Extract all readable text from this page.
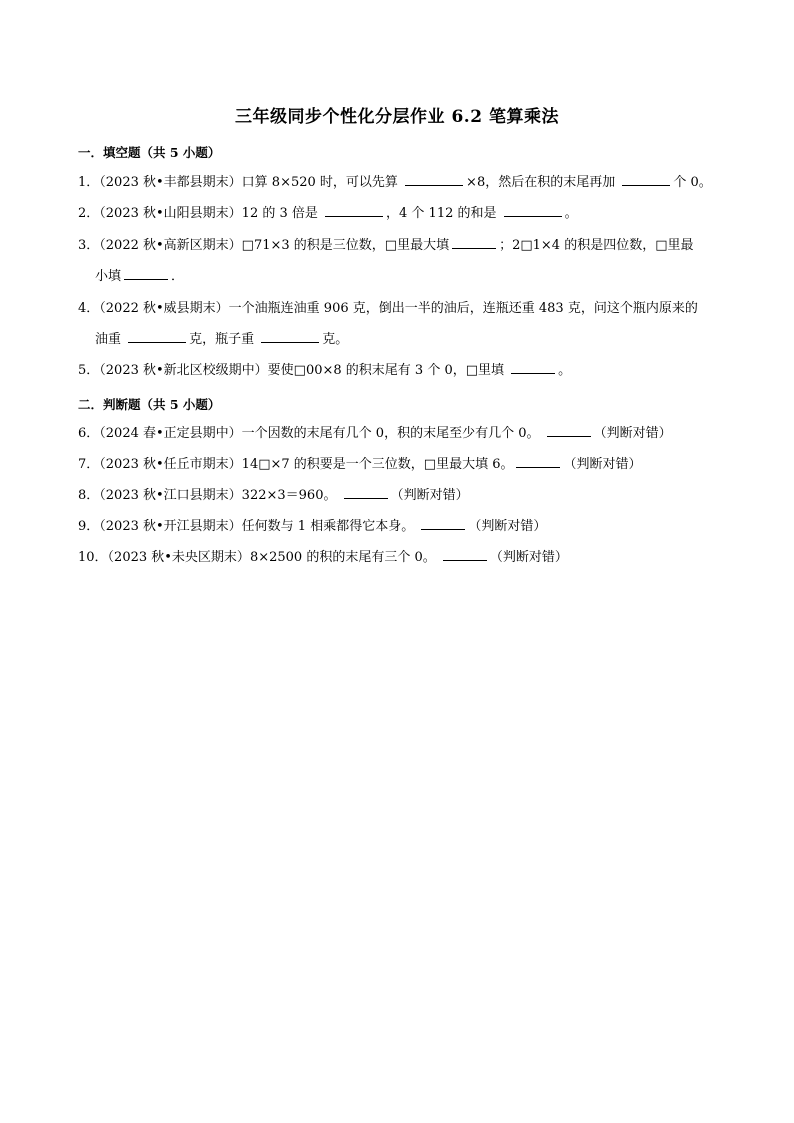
三年级同步个性化分层作业 6.2 笔算乘法
一．填空题（共 5 小题）
1．（2023 秋•丰都县期末）口算 8×520 时，可以先算	×8，然后在积的末尾再加	个 0。
2．（2023 秋•山阳县期末）12 的 3 倍是	，4 个 112 的和是	。
3．（2022 秋•高新区期末）□71×3 的积是三位数，□里最大填	；2□1×4 的积是四位数，□里最
小填	．
4．（2022 秋•威县期末）一个油瓶连油重 906 克，倒出一半的油后，连瓶还重 483 克，问这个瓶内原来的
油重	克，瓶子重	克。
5．（2023 秋•新北区校级期中）要使□00×8 的积末尾有 3 个 0，□里填	。
二．判断题（共 5 小题）
6．（2024 春•正定县期中）一个因数的末尾有几个 0，积的末尾至少有几个 0。	（判断对错）
7．（2023 秋•任丘市期末）14□×7 的积要是一个三位数，□里最大填 6。	（判断对错）
8．（2023 秋•江口县期末）322×3＝960。	（判断对错）
9．（2023 秋•开江县期末）任何数与 1 相乘都得它本身。	（判断对错）
10．（2023 秋•未央区期末）8×2500 的积的末尾有三个 0。	（判断对错）
